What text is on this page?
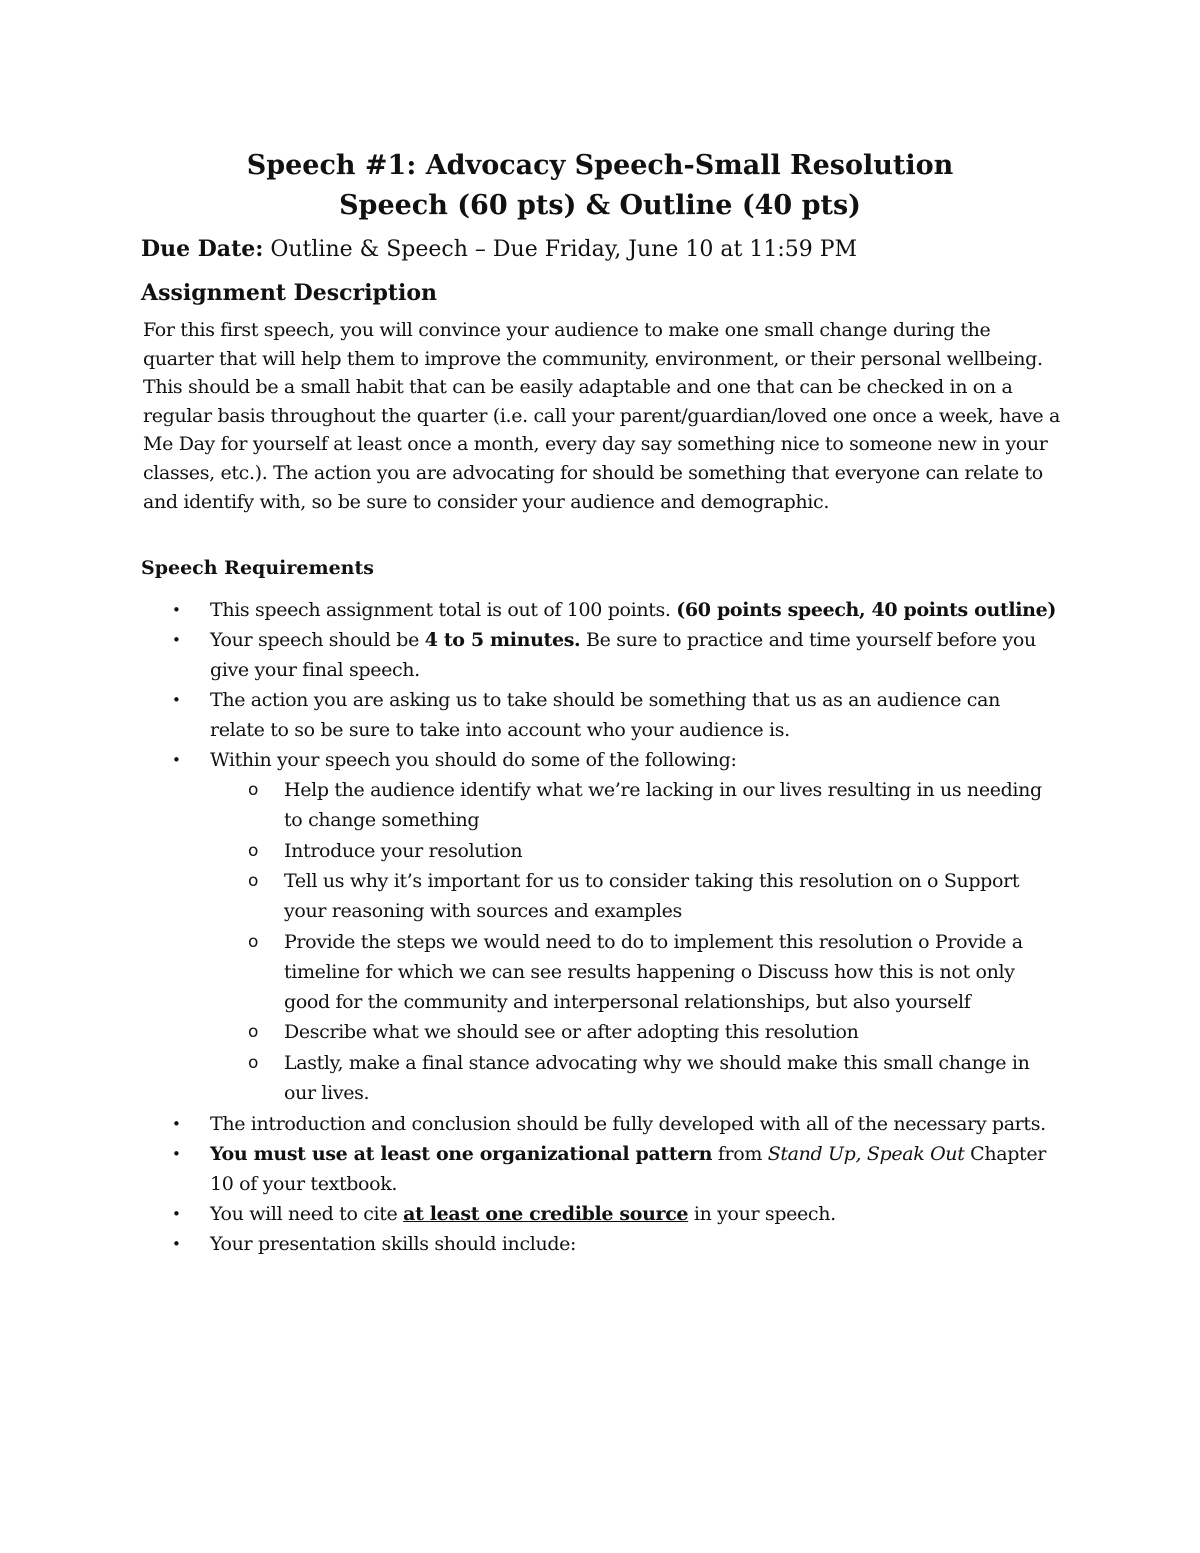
Speech #1: Advocacy Speech-Small Resolution
Speech (60 pts) & Outline (40 pts)

Due Date: Outline & Speech – Due Friday, June 10 at 11:59 PM

Assignment Description

For this first speech, you will convince your audience to make one small change during the quarter that will help them to improve the community, environment, or their personal wellbeing. This should be a small habit that can be easily adaptable and one that can be checked in on a regular basis throughout the quarter (i.e. call your parent/guardian/loved one once a week, have a Me Day for yourself at least once a month, every day say something nice to someone new in your classes, etc.). The action you are advocating for should be something that everyone can relate to and identify with, so be sure to consider your audience and demographic.

Speech Requirements
• This speech assignment total is out of 100 points. (60 points speech, 40 points outline)
• Your speech should be 4 to 5 minutes. Be sure to practice and time yourself before you give your final speech.
• The action you are asking us to take should be something that us as an audience can relate to so be sure to take into account who your audience is.
• Within your speech you should do some of the following:
o Help the audience identify what we’re lacking in our lives resulting in us needing to change something
o Introduce your resolution
o Tell us why it’s important for us to consider taking this resolution on o Support your reasoning with sources and examples
o Provide the steps we would need to do to implement this resolution o Provide a timeline for which we can see results happening o Discuss how this is not only good for the community and interpersonal relationships, but also yourself
o Describe what we should see or after adopting this resolution
o Lastly, make a final stance advocating why we should make this small change in our lives.
• The introduction and conclusion should be fully developed with all of the necessary parts.
• You must use at least one organizational pattern from Stand Up, Speak Out Chapter 10 of your textbook.
• You will need to cite at least one credible source in your speech.
• Your presentation skills should include:
